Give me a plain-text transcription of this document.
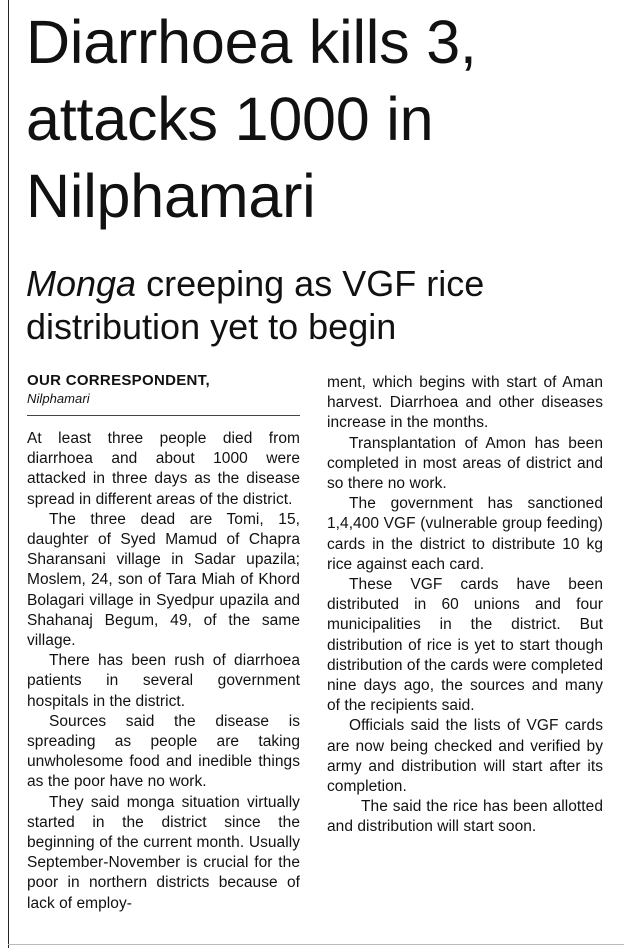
Diarrhoea kills 3,
attacks 1000 in
Nilphamari
Monga creeping as VGF rice
distribution yet to begin
OUR CORRESPONDENT,
Nilphamari

At least three people died from diarrhoea and about 1000 were attacked in three days as the disease spread in different areas of the district.

The three dead are Tomi, 15, daughter of Syed Mamud of Chapra Sharansani village in Sadar upazila; Moslem, 24, son of Tara Miah of Khord Bolagari village in Syedpur upazila and Shahanaj Begum, 49, of the same village.

There has been rush of diarrhoea patients in several government hospitals in the district.

Sources said the disease is spreading as people are taking unwholesome food and inedible things as the poor have no work.

They said monga situation virtually started in the district since the beginning of the current month. Usually September-November is crucial for the poor in northern districts because of lack of employ-

ment, which begins with start of Aman harvest. Diarrhoea and other diseases increase in the months.

Transplantation of Amon has been completed in most areas of district and so there no work.

The government has sanctioned 1,4,400 VGF (vulnerable group feeding) cards in the district to distribute 10 kg rice against each card.

These VGF cards have been distributed in 60 unions and four municipalities in the district. But distribution of rice is yet to start though distribution of the cards were completed nine days ago, the sources and many of the recipients said.

Officials said the lists of VGF cards are now being checked and verified by army and distribution will start after its completion.

The said the rice has been allotted and distribution will start soon.
